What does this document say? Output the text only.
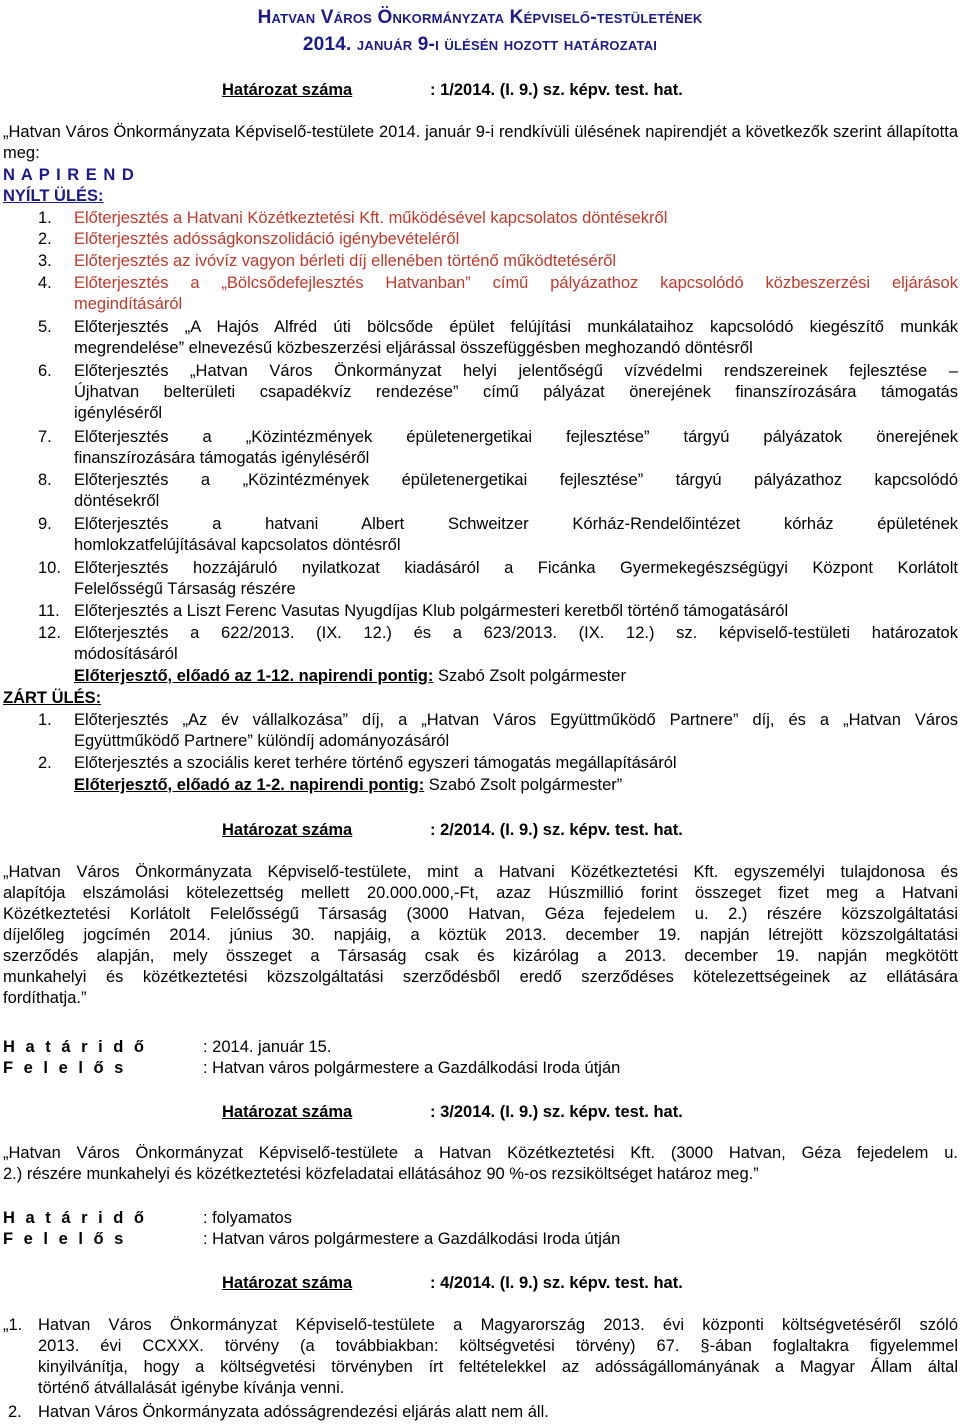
Hatvan Város Önkormányzata Képviselő-testületének
2014. január 9-i ülésén hozott határozatai
Határozat száma	: 1/2014. (I. 9.) sz. képv. test. hat.
„Hatvan Város Önkormányzata Képviselő-testülete 2014. január 9-i rendkívüli ülésének napirendjét a következők szerint állapította meg:
N A P I R E N D
NYÍLT ÜLÉS:
1.	Előterjesztés a Hatvani Közétkeztetési Kft. működésével kapcsolatos döntésekről
2.	Előterjesztés adósságkonszolidáció igénybevételéről
3.	Előterjesztés az ivóvíz vagyon bérleti díj ellenében történő működtetéséről
4.	Előterjesztés a „Bölcsődefejlesztés Hatvanban” című pályázathoz kapcsolódó közbeszerzési eljárások
megindításáról
5.	Előterjesztés „A Hajós Alfréd úti bölcsőde épület felújítási munkálataihoz kapcsolódó kiegészítő munkák
megrendelése” elnevezésű közbeszerzési eljárással összefüggésben meghozandó döntésről
6.	Előterjesztés „Hatvan Város Önkormányzat helyi jelentőségű vízvédelmi rendszereinek fejlesztése –
Újhatvan belterületi csapadékvíz rendezése” című pályázat önerejének finanszírozására támogatás
igényléséről
7.	Előterjesztés a „Közintézmények épületenergetikai fejlesztése” tárgyú pályázatok önerejének
finanszírozására támogatás igényléséről
8.	Előterjesztés a „Közintézmények épületenergetikai fejlesztése” tárgyú pályázathoz kapcsolódó
döntésekről
9.	Előterjesztés a hatvani Albert Schweitzer Kórház-Rendelőintézet kórház épületének
homlokzatfelújításával kapcsolatos döntésről
10. Előterjesztés hozzájáruló nyilatkozat kiadásáról a Ficánka Gyermekegészségügyi Központ Korlátolt
Felelősségű Társaság részére
11. Előterjesztés a Liszt Ferenc Vasutas Nyugdíjas Klub polgármesteri keretből történő támogatásáról
12. Előterjesztés a 622/2013. (IX. 12.) és a 623/2013. (IX. 12.) sz. képviselő-testületi határozatok
módosításáról
Előterjesztő, előadó az 1-12. napirendi pontig: Szabó Zsolt polgármester
ZÁRT ÜLÉS:
1.	Előterjesztés „Az év vállalkozása” díj, a „Hatvan Város Együttműködő Partnere” díj, és a „Hatvan Város
Együttműködő Partnere” különdíj adományozásáról
2.	Előterjesztés a szociális keret terhére történő egyszeri támogatás megállapításáról
Előterjesztő, előadó az 1-2. napirendi pontig: Szabó Zsolt polgármester”
Határozat száma	: 2/2014. (I. 9.) sz. képv. test. hat.
„Hatvan Város Önkormányzata Képviselő-testülete, mint a Hatvani Közétkeztetési Kft. egyszemélyi tulajdonosa és
alapítója elszámolási kötelezettség mellett 20.000.000,-Ft, azaz Húszmillió forint összeget fizet meg a Hatvani
Közétkeztetési Korlátolt Felelősségű Társaság (3000 Hatvan, Géza fejedelem u. 2.) részére közszolgáltatási
díjelőleg jogcímén 2014. június 30. napjáig, a köztük 2013. december 19. napján létrejött közszolgáltatási
szerződés alapján, mely összeget a Társaság csak és kizárólag a 2013. december 19. napján megkötött
munkahelyi és közétkeztetési közszolgáltatási szerződésből eredő szerződéses kötelezettségeinek az ellátására
fordíthatja.”
H a t á r i d ő	: 2014. január 15.
F e l e l ő s	: Hatvan város polgármestere a Gazdálkodási Iroda útján
Határozat száma	: 3/2014. (I. 9.) sz. képv. test. hat.
„Hatvan Város Önkormányzat Képviselő-testülete a Hatvan Közétkeztetési Kft. (3000 Hatvan, Géza fejedelem u.
2.) részére munkahelyi és közétkeztetési közfeladatai ellátásához 90 %-os rezsiköltséget határoz meg.”
H a t á r i d ő	: folyamatos
F e l e l ő s	: Hatvan város polgármestere a Gazdálkodási Iroda útján
Határozat száma	: 4/2014. (I. 9.) sz. képv. test. hat.
„1. Hatvan Város Önkormányzat Képviselő-testülete a Magyarország 2013. évi központi költségvetéséről szóló
2013. évi CCXXX. törvény (a továbbiakban: költségvetési törvény) 67. §-ában foglaltakra figyelemmel
kinyilvánítja, hogy a költségvetési törvényben írt feltételekkel az adósságállományának a Magyar Állam által
történő átvállalását igénybe kívánja venni.
2. Hatvan Város Önkormányzata adósságrendezési eljárás alatt nem áll.
